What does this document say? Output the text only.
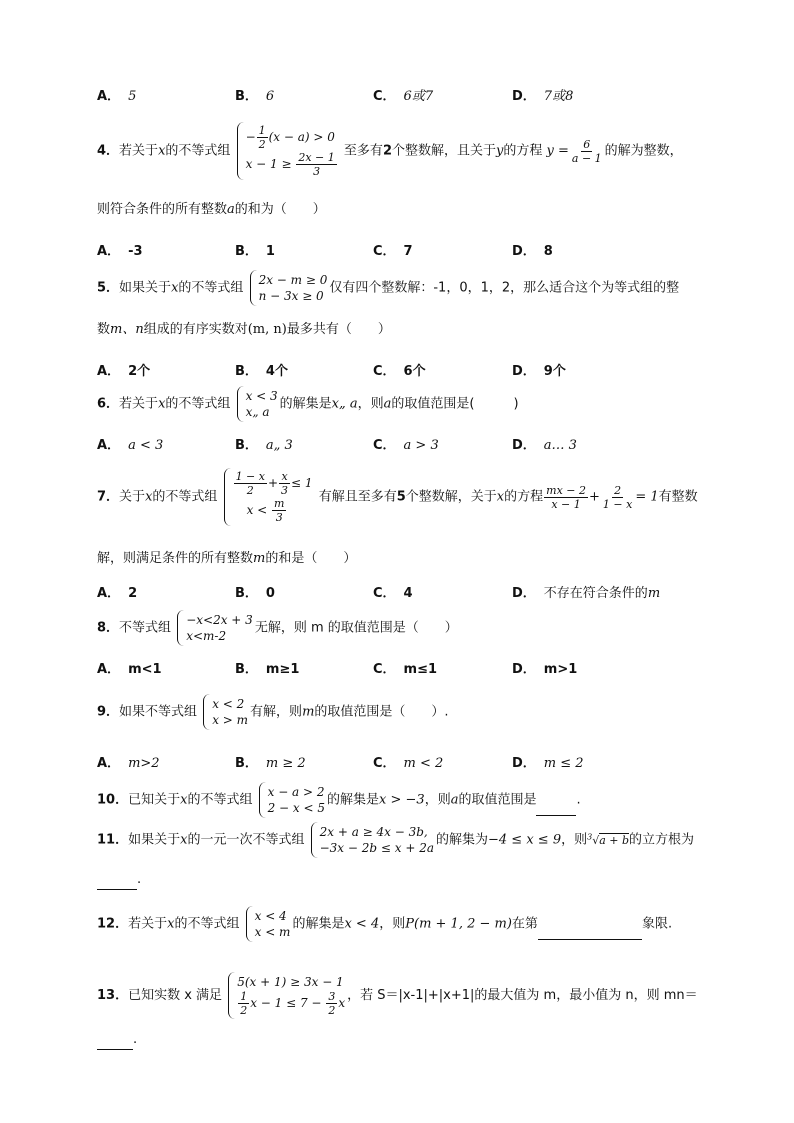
A． 5	B． 6	C． 6或7	D． 7或8
4．若关于x的不等式组
− $\frac{1}{2} (x - a) > 0$
$x - 1 \ge \frac{2x - 1}{3}$ 至多有2个整数解，且关于y的方程 $y = \frac{6}{a - 1}$ 的解为整数，
则符合条件的所有整数a的和为（　　）
A． -3	B． 1	C． 7	D． 8
5．如果关于x的不等式组
2x − m ≥ 0
n − 3x ≥ 0
仅有四个整数解：-1，0，1，2，那么适合这个为等式组的整
数m、n组成的有序实数对(m, n)最多共有（　　）
A． 2个	B． 4个	C． 6个	D． 9个
6．若关于x的不等式组
x < 3
x„ a
的解集是x„ a，则a的取值范围是(　　　)
A． a < 3	B． a„ 3	C． a > 3	D． a… 3
7．关于x的不等式组 $\frac{1 - x}{2} + \frac{x}{3} \le 1$
$x < \frac{m}{3}$ 有解且至多有5个整数解，关于x的方程 $\frac{mx - 2}{x - 1} + \frac{2}{1 - x} = 1$有整数
解，则满足条件的所有整数m的和是（　　）
A． 2	B． 0	C． 4	D． 不存在符合条件的m
8．不等式组
−x<2x + 3
x<m-2
无解，则 m 的取值范围是（　　）
A． m<1	B． m≥1	C． m≤1	D． m>1
9．如果不等式组
x < 2
x > m
有解，则m的取值范围是（　　）.
A． m>2	B． m ≥ 2	C． m < 2	D． m ≤ 2
10．已知关于x的不等式组
x − a > 2
2 − x < 5
的解集是x > −3，则a的取值范围是	.
11．如果关于x的一元一次不等式组
2x + a ≥ 4x − 3b,
−3x − 2b ≤ x + 2a
的解集为−4 ≤ x ≤ 9，则$^3$√a + b的立方根为
.
12．若关于x的不等式组
x < 4
x < m
的解集是x < 4，则P(m + 1, 2 − m)在第	象限.
13．已知实数 x 满足
5(x + 1) ≥ 3x − 1
$\frac{1}{2}$ $x - 1 \le 7 - \frac{3}{2}$ x ，若 S＝|x-1|+|x+1|的最大值为 m，最小值为 n，则 mn＝
.
